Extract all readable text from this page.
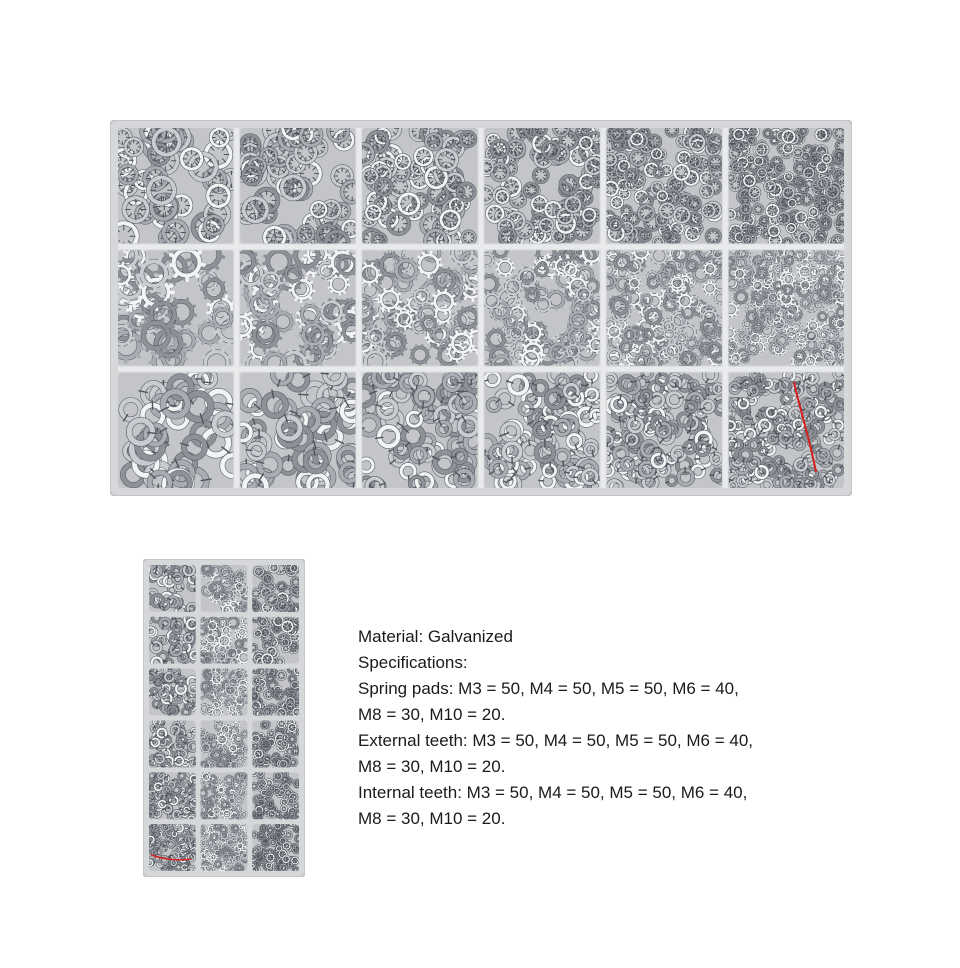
Material: Galvanized

Specifications:

Spring pads: M3 = 50, M4 = 50, M5 = 50, M6 = 40,
M8 = 30, M10 = 20.

External teeth: M3 = 50, M4 = 50, M5 = 50, M6 = 40,
M8 = 30, M10 = 20.

Internal teeth: M3 = 50, M4 = 50, M5 = 50, M6 = 40,
M8 = 30, M10 = 20.
